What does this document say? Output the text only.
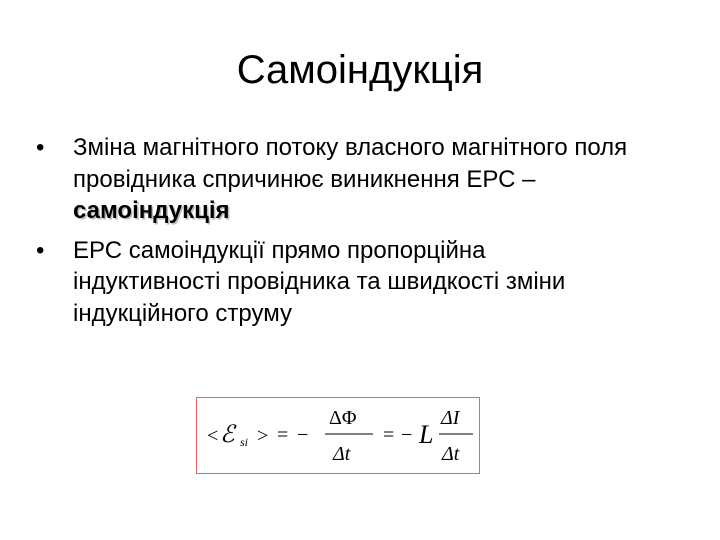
Самоіндукція
• Зміна магнітного потоку власного магнітного поля провідника спричинює виникнення ЕРС – самоіндукція
• ЕРС самоіндукції прямо пропорційна індуктивності провідника та швидкості зміни індукційного струму
< ℰ si > = −
ΔΦ
Δt
= − L
ΔI
Δt
